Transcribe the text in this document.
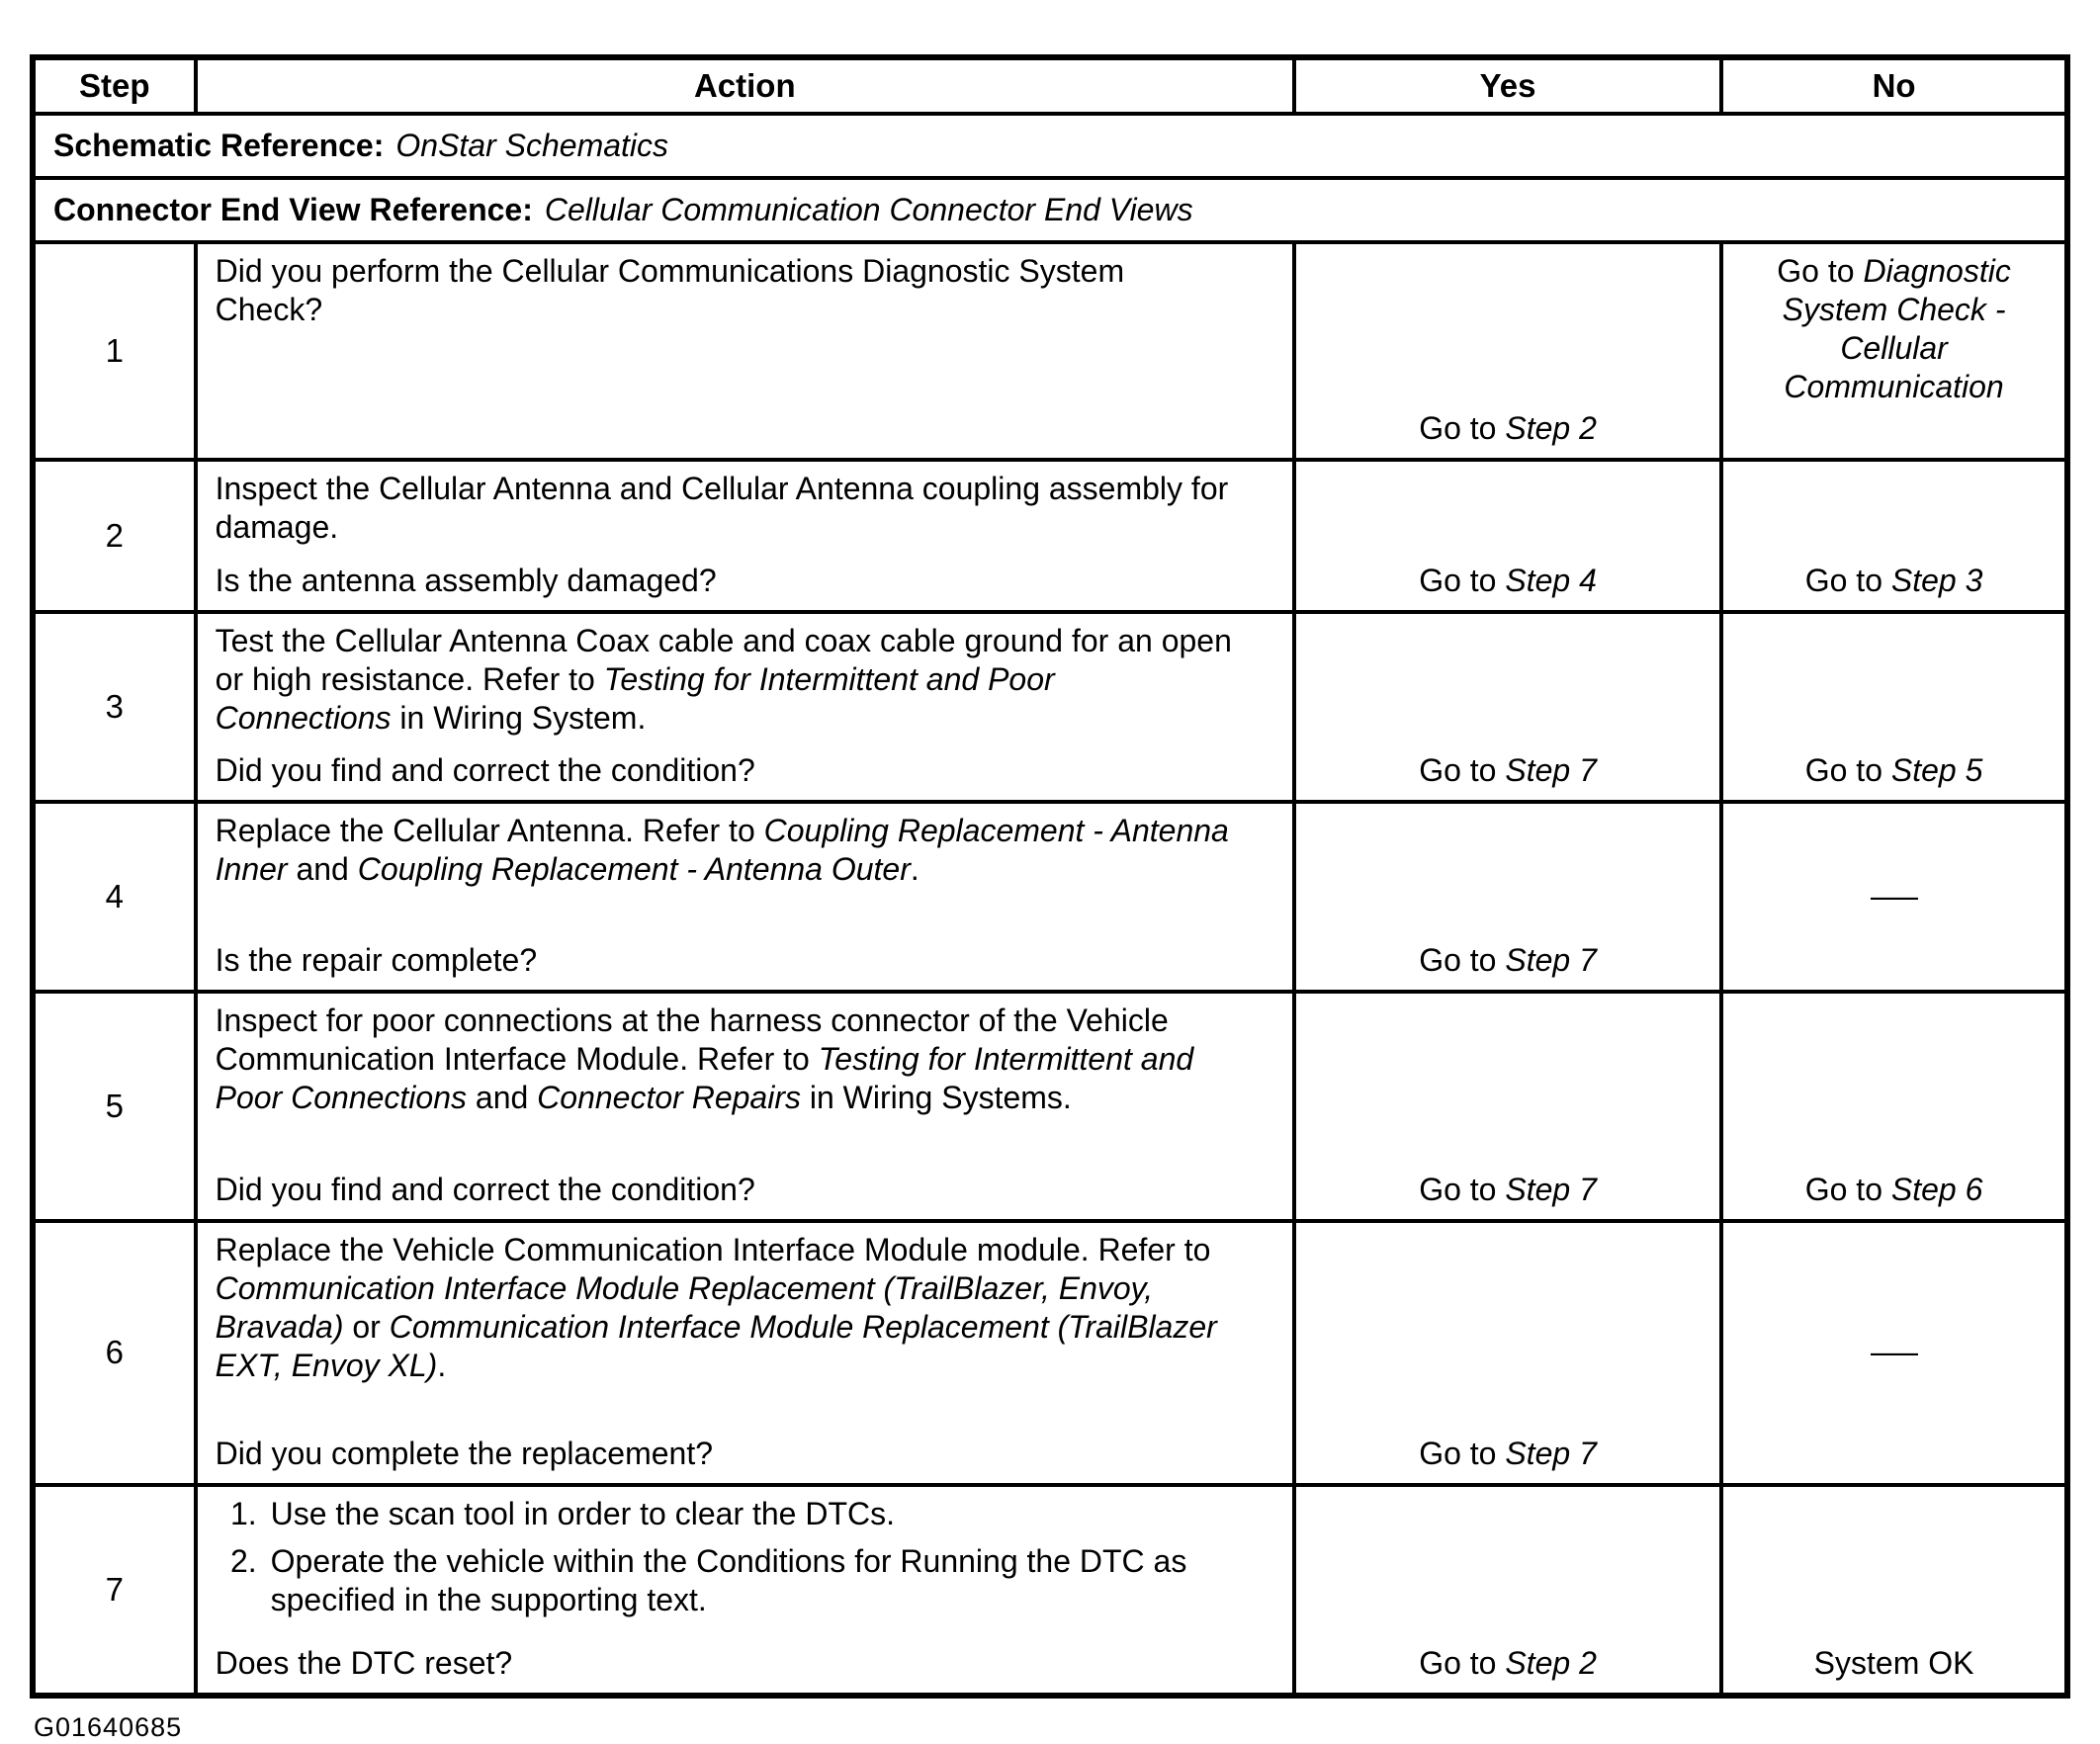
Step	Action	Yes	No
Schematic Reference: OnStar Schematics			
Connector End View Reference: Cellular Communication Connector End Views			
1	Did you perform the Cellular Communications Diagnostic System Check?	Go to Step 2	Go to Diagnostic System Check - Cellular Communication
2	Inspect the Cellular Antenna and Cellular Antenna coupling assembly for damage.

Is the antenna assembly damaged?	Go to Step 4	Go to Step 3
3	Test the Cellular Antenna Coax cable and coax cable ground for an open or high resistance. Refer to Testing for Intermittent and Poor Connections in Wiring System.

Did you find and correct the condition?	Go to Step 7	Go to Step 5
4	Replace the Cellular Antenna. Refer to Coupling Replacement - Antenna Inner and Coupling Replacement - Antenna Outer.

Is the repair complete?	Go to Step 7	—
5	Inspect for poor connections at the harness connector of the Vehicle Communication Interface Module. Refer to Testing for Intermittent and Poor Connections and Connector Repairs in Wiring Systems.

Did you find and correct the condition?	Go to Step 7	Go to Step 6
6	Replace the Vehicle Communication Interface Module module. Refer to Communication Interface Module Replacement (TrailBlazer, Envoy, Bravada) or Communication Interface Module Replacement (TrailBlazer EXT, Envoy XL).

Did you complete the replacement?	Go to Step 7	—
7	1. Use the scan tool in order to clear the DTCs.
2. Operate the vehicle within the Conditions for Running the DTC as specified in the supporting text.

Does the DTC reset?	Go to Step 2	System OK
G01640685
